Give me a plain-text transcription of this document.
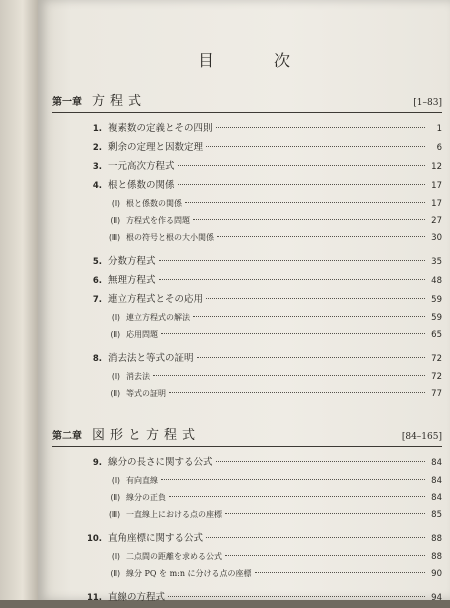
目　次
第一章 方程式	[1–83]
1. 複素数の定義とその四則	1
2. 剰余の定理と因数定理	6
3. 一元高次方程式	12
4. 根と係数の関係	17
(Ⅰ) 根と係数の関係	17
(Ⅱ) 方程式を作る問題	27
(Ⅲ) 根の符号と根の大小関係	30
5. 分数方程式	35
6. 無理方程式	48
7. 連立方程式とその応用	59
(Ⅰ) 連立方程式の解法	59
(Ⅱ) 応用問題	65
8. 消去法と等式の証明	72
(Ⅰ) 消去法	72
(Ⅱ) 等式の証明	77
第二章 図形と方程式	[84–165]
9. 線分の長さに関する公式	84
(Ⅰ) 有向直線	84
(Ⅱ) 線分の正負	84
(Ⅲ) 一直線上における点の座標	85
10. 直角座標に関する公式	88
(Ⅰ) 二点間の距離を求める公式	88
(Ⅱ) 線分 PQ を m:n に分ける点の座標	90
11. 直線の方程式	94
